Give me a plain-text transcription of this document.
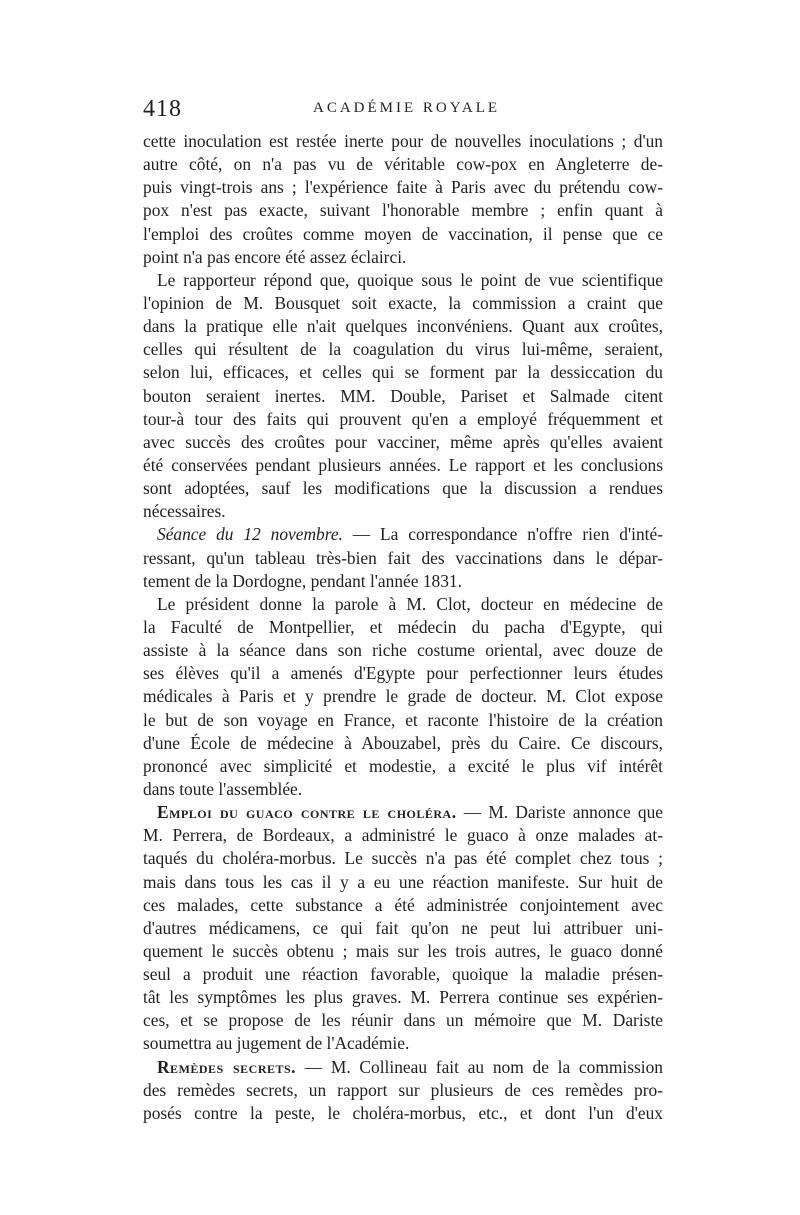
418	ACADÉMIE ROYALE
cette inoculation est restée inerte pour de nouvelles inoculations ; d'un
autre côté, on n'a pas vu de véritable cow-pox en Angleterre de-
puis vingt-trois ans ; l'expérience faite à Paris avec du prétendu cow-
pox n'est pas exacte, suivant l'honorable membre ; enfin quant à
l'emploi des croûtes comme moyen de vaccination, il pense que ce
point n'a pas encore été assez éclairci.
Le rapporteur répond que, quoique sous le point de vue scientifique
l'opinion de M. Bousquet soit exacte, la commission a craint que
dans la pratique elle n'ait quelques inconvéniens. Quant aux croûtes,
celles qui résultent de la coagulation du virus lui-même, seraient,
selon lui, efficaces, et celles qui se forment par la dessiccation du
bouton seraient inertes. MM. Double, Pariset et Salmade citent
tour-à tour des faits qui prouvent qu'en a employé fréquemment et
avec succès des croûtes pour vacciner, même après qu'elles avaient
été conservées pendant plusieurs années. Le rapport et les conclusions
sont adoptées, sauf les modifications que la discussion a rendues
nécessaires.
Séance du 12 novembre. — La correspondance n'offre rien d'inté-
ressant, qu'un tableau très-bien fait des vaccinations dans le dépar-
tement de la Dordogne, pendant l'année 1831.
Le président donne la parole à M. Clot, docteur en médecine de
la Faculté de Montpellier, et médecin du pacha d'Egypte, qui
assiste à la séance dans son riche costume oriental, avec douze de
ses élèves qu'il a amenés d'Egypte pour perfectionner leurs études
médicales à Paris et y prendre le grade de docteur. M. Clot expose
le but de son voyage en France, et raconte l'histoire de la création
d'une École de médecine à Abouzabel, près du Caire. Ce discours,
prononcé avec simplicité et modestie, a excité le plus vif intérêt
dans toute l'assemblée.
Emploi du guaco contre le choléra. — M. Dariste annonce que
M. Perrera, de Bordeaux, a administré le guaco à onze malades at-
taqués du choléra-morbus. Le succès n'a pas été complet chez tous ;
mais dans tous les cas il y a eu une réaction manifeste. Sur huit de
ces malades, cette substance a été administrée conjointement avec
d'autres médicamens, ce qui fait qu'on ne peut lui attribuer uni-
quement le succès obtenu ; mais sur les trois autres, le guaco donné
seul a produit une réaction favorable, quoique la maladie présen-
tât les symptômes les plus graves. M. Perrera continue ses expérien-
ces, et se propose de les réunir dans un mémoire que M. Dariste
soumettra au jugement de l'Académie.
Remèdes secrets. — M. Collineau fait au nom de la commission
des remèdes secrets, un rapport sur plusieurs de ces remèdes pro-
posés contre la peste, le choléra-morbus, etc., et dont l'un d'eux
